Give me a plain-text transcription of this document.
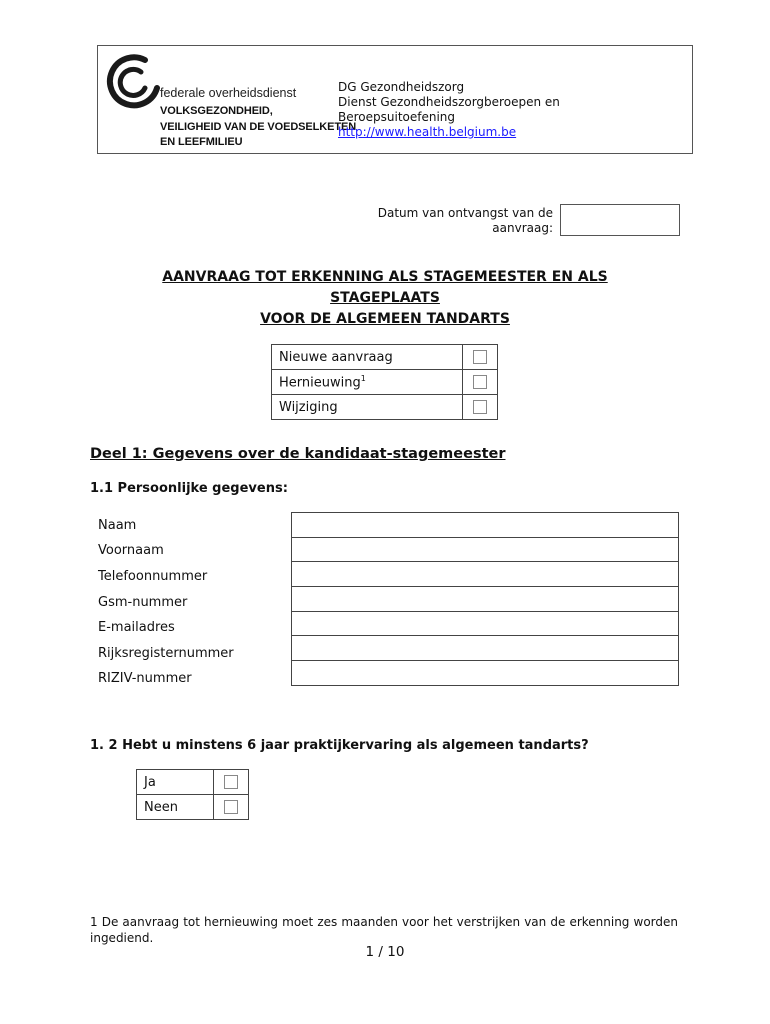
federale overheidsdienst
VOLKSGEZONDHEID,
VEILIGHEID VAN DE VOEDSELKETEN
EN LEEFMILIEU
DG Gezondheidszorg
Dienst Gezondheidszorgberoepen en
Beroepsuitoefening
http://www.health.belgium.be
Datum van ontvangst van de
aanvraag:
AANVRAAG TOT ERKENNING ALS STAGEMEESTER EN ALS
STAGEPLAATS
VOOR DE ALGEMEEN TANDARTS
Nieuwe aanvraag	
Hernieuwing$^1$	
Wijziging	
Deel 1: Gegevens over de kandidaat-stagemeester
1.1 Persoonlijke gegevens:
Naam
Voornaam
Telefoonnummer
Gsm-nummer
E-mailadres
Rijksregisternummer
RIZIV-nummer
1. 2 Hebt u minstens 6 jaar praktijkervaring als algemeen tandarts?
Ja	
Neen	
1 De aanvraag tot hernieuwing moet zes maanden voor het verstrijken van de erkenning worden ingediend.
1 / 10
